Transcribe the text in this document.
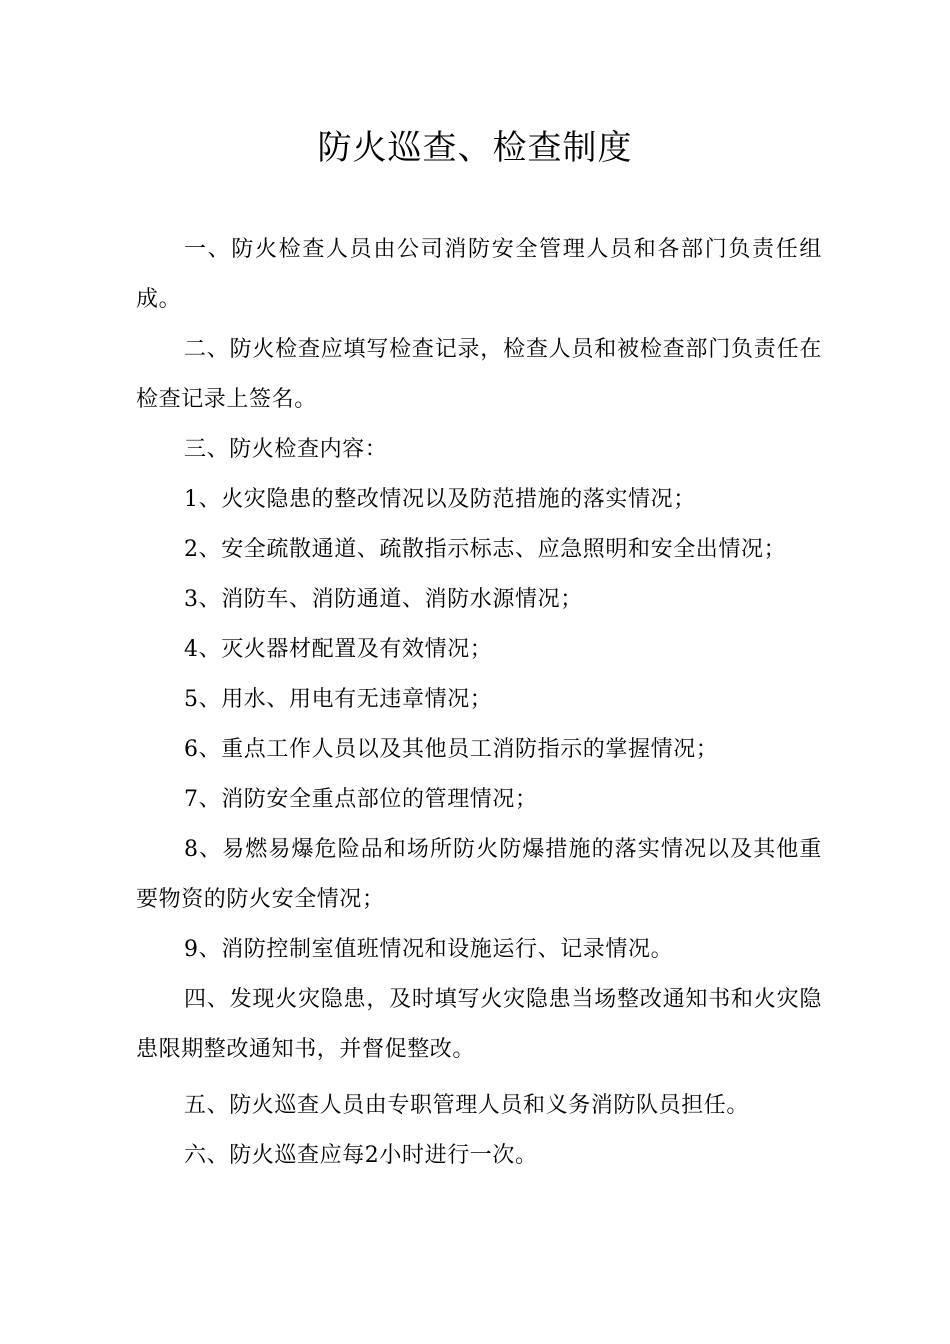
防火巡查、检查制度

一、防火检查人员由公司消防安全管理人员和各部门负责任组成。

二、防火检查应填写检查记录，检查人员和被检查部门负责任在检查记录上签名。

三、防火检查内容：

1、火灾隐患的整改情况以及防范措施的落实情况；

2、安全疏散通道、疏散指示标志、应急照明和安全出情况；

3、消防车、消防通道、消防水源情况；

4、灭火器材配置及有效情况；

5、用水、用电有无违章情况；

6、重点工作人员以及其他员工消防指示的掌握情况；

7、消防安全重点部位的管理情况；

8、易燃易爆危险品和场所防火防爆措施的落实情况以及其他重要物资的防火安全情况；

9、消防控制室值班情况和设施运行、记录情况。

四、发现火灾隐患，及时填写火灾隐患当场整改通知书和火灾隐患限期整改通知书，并督促整改。

五、防火巡查人员由专职管理人员和义务消防队员担任。

六、防火巡查应每2小时进行一次。
